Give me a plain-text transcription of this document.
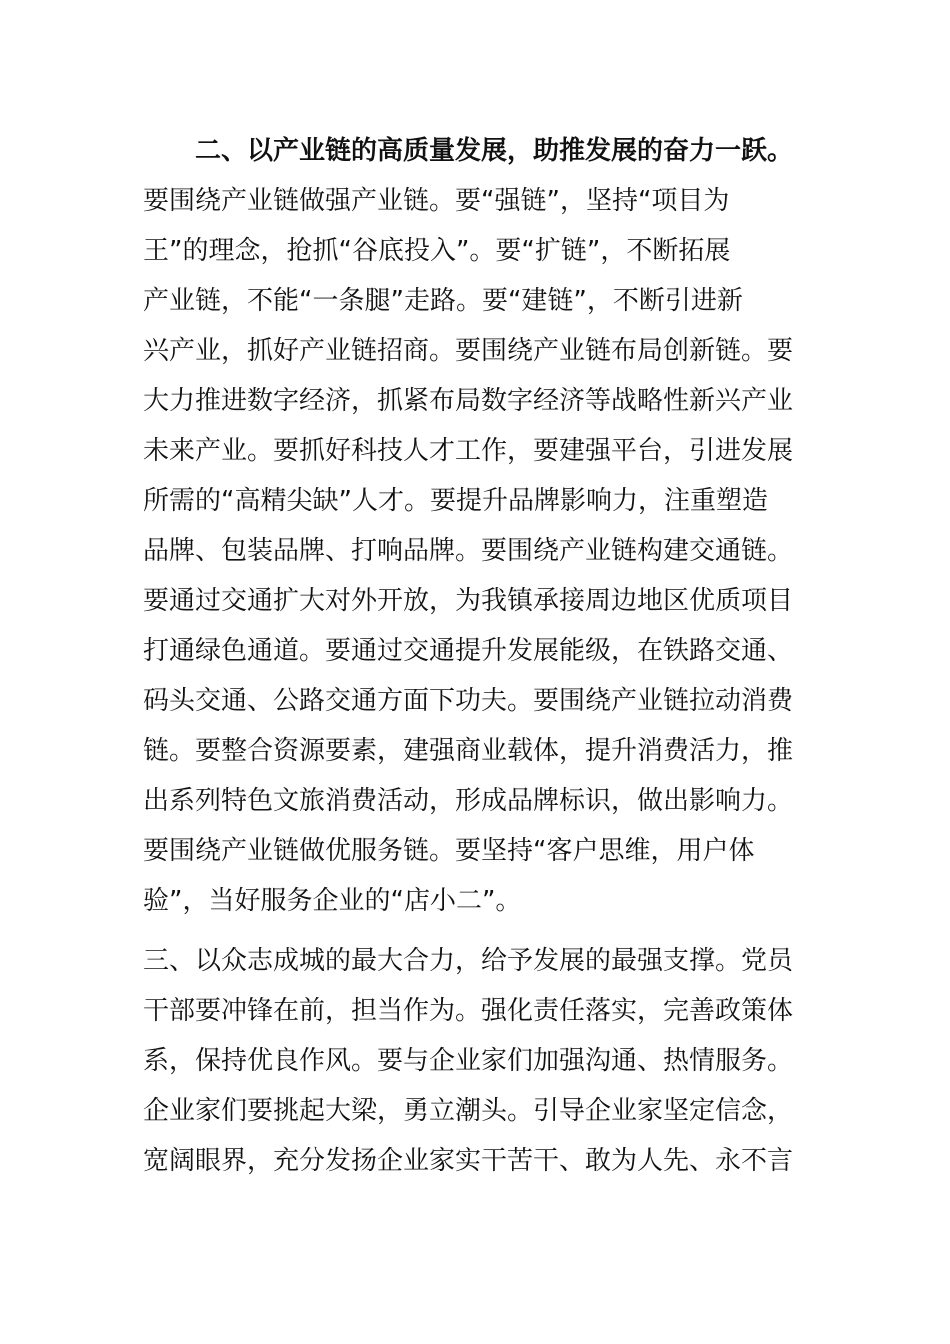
二、以产业链的高质量发展，助推发展的奋力一跃。
要围绕产业链做强产业链。要“强链”，坚持“项目为
王”的理念，抢抓“谷底投入”。要“扩链”，不断拓展
产业链，不能“一条腿”走路。要“建链”，不断引进新
兴产业，抓好产业链招商。要围绕产业链布局创新链。要
大力推进数字经济，抓紧布局数字经济等战略性新兴产业
未来产业。要抓好科技人才工作，要建强平台，引进发展
所需的“高精尖缺”人才。要提升品牌影响力，注重塑造
品牌、包装品牌、打响品牌。要围绕产业链构建交通链。
要通过交通扩大对外开放，为我镇承接周边地区优质项目
打通绿色通道。要通过交通提升发展能级，在铁路交通、
码头交通、公路交通方面下功夫。要围绕产业链拉动消费
链。要整合资源要素，建强商业载体，提升消费活力，推
出系列特色文旅消费活动，形成品牌标识，做出影响力。
要围绕产业链做优服务链。要坚持“客户思维，用户体
验”，当好服务企业的“店小二”。
三、以众志成城的最大合力，给予发展的最强支撑。党员
干部要冲锋在前，担当作为。强化责任落实，完善政策体
系，保持优良作风。要与企业家们加强沟通、热情服务。
企业家们要挑起大梁，勇立潮头。引导企业家坚定信念，
宽阔眼界，充分发扬企业家实干苦干、敢为人先、永不言
